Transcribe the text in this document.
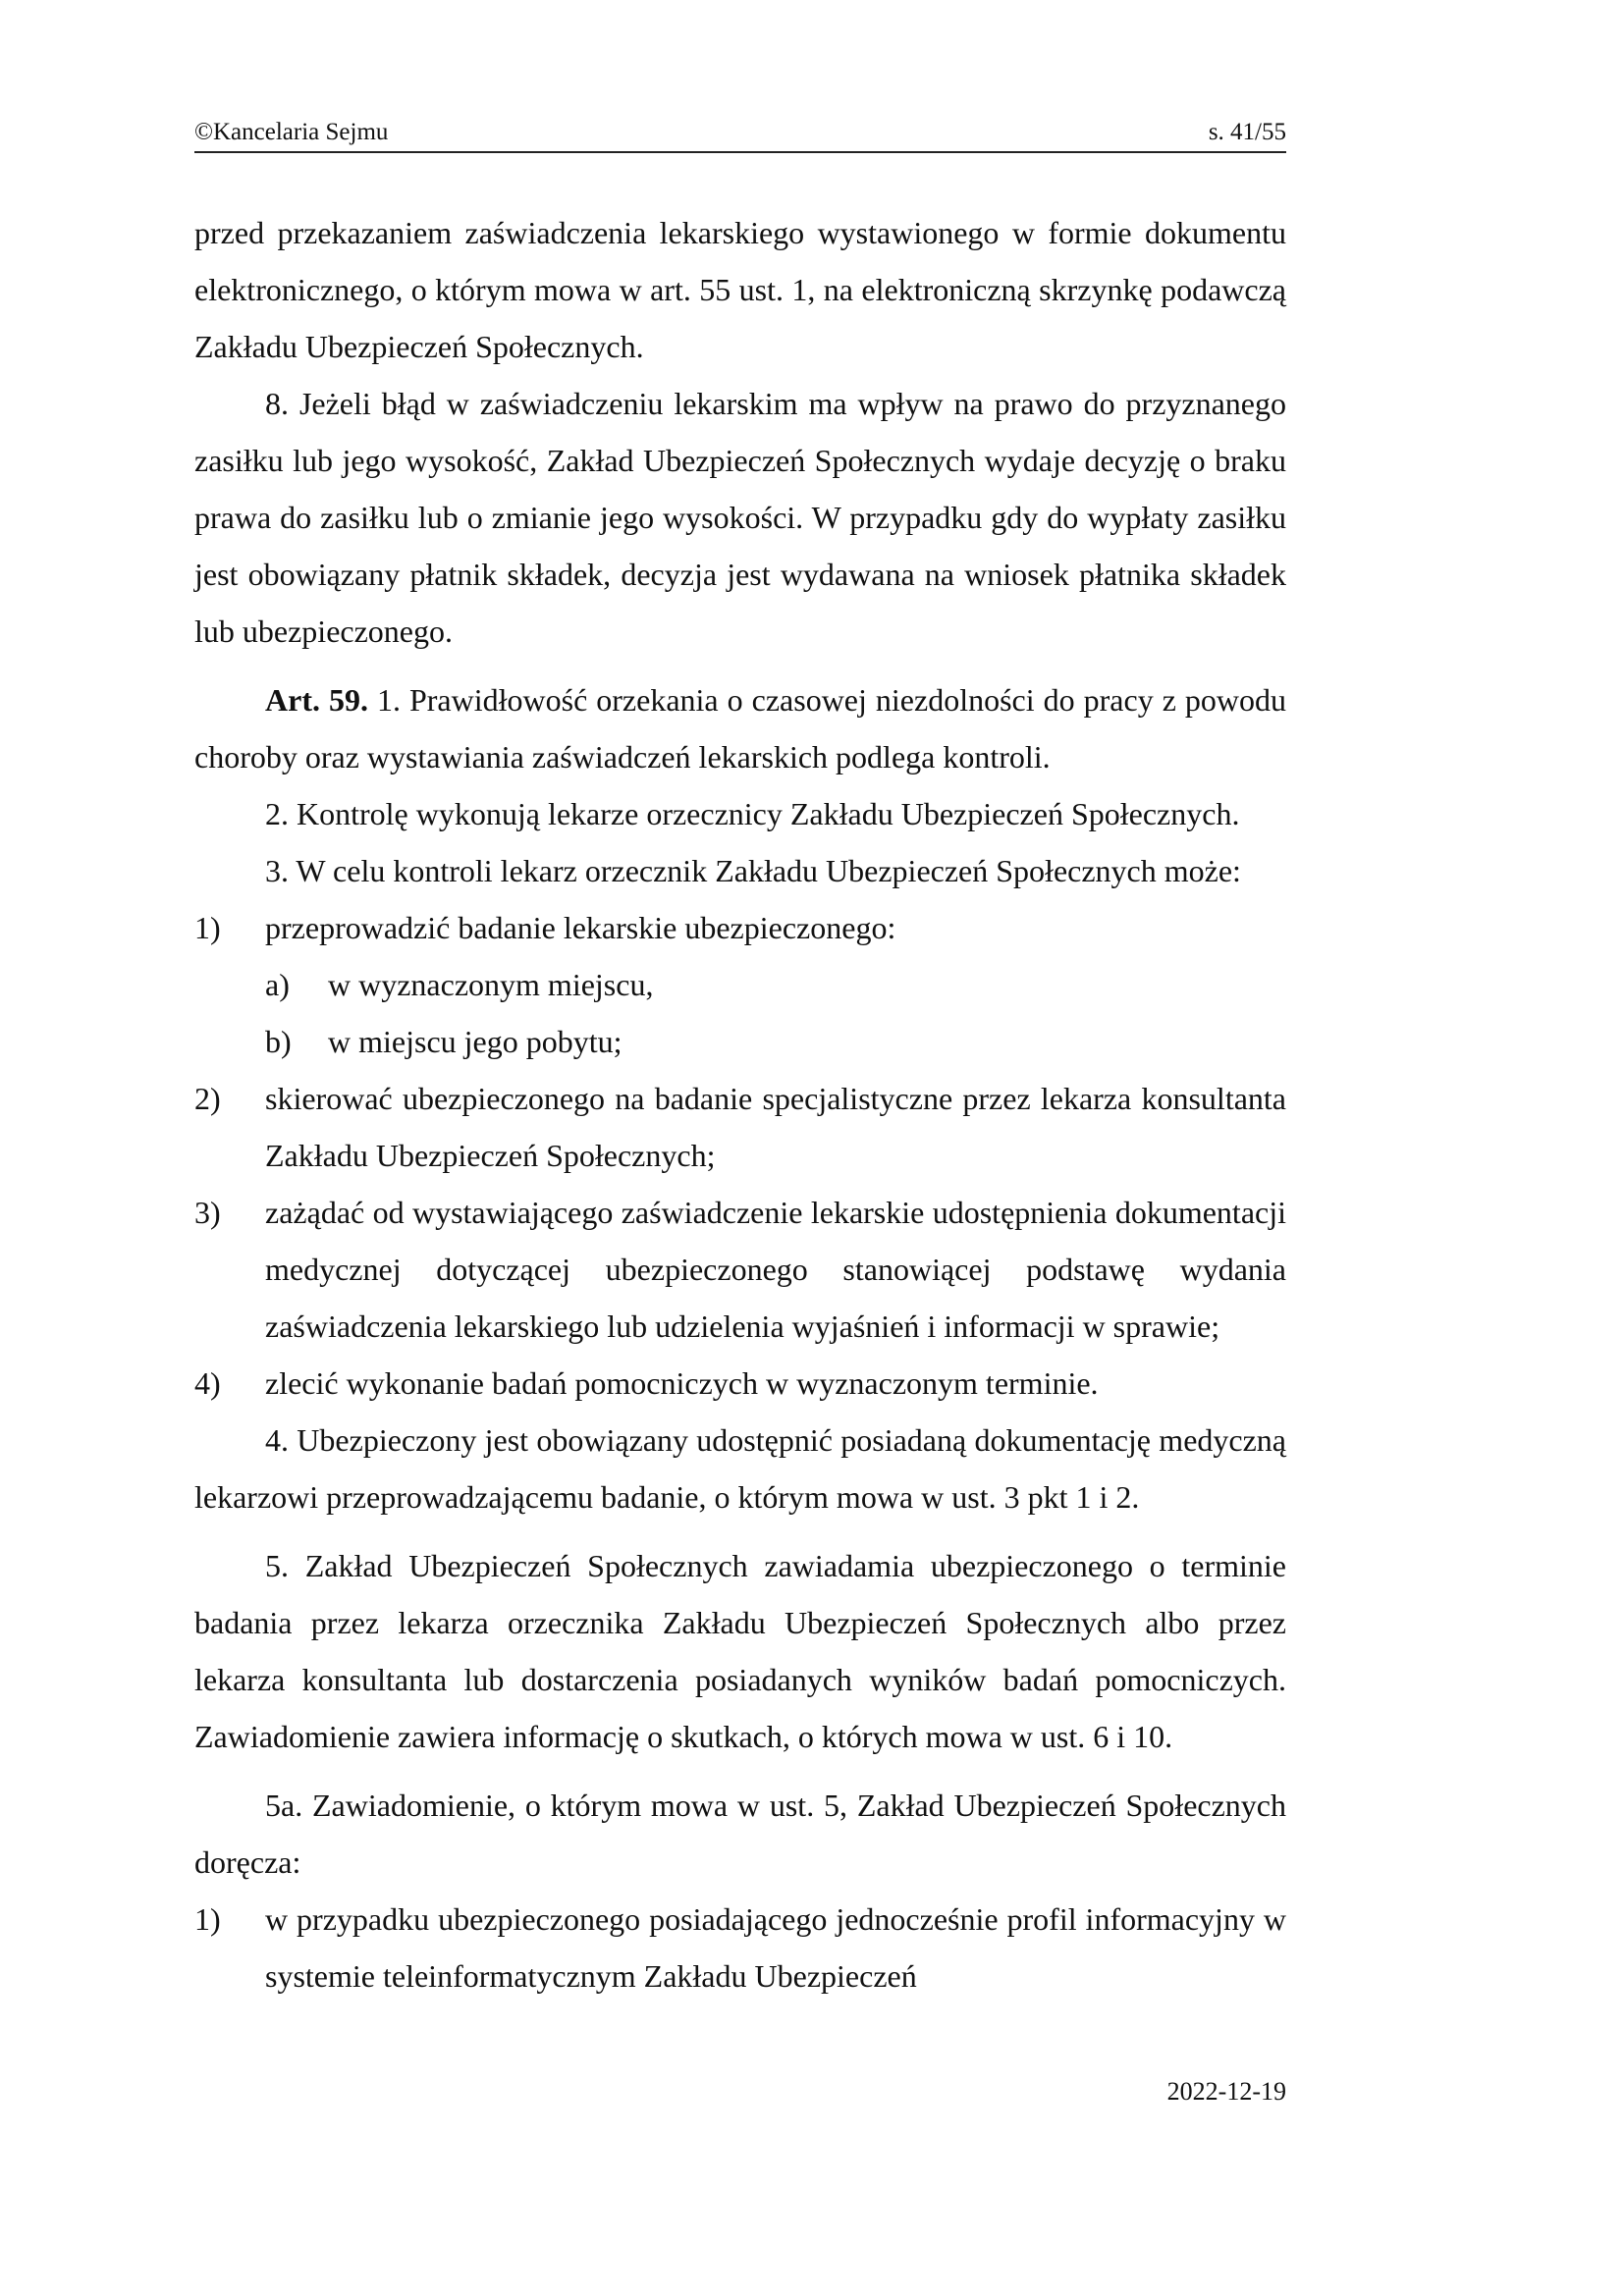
©Kancelaria Sejmu	s. 41/55

przed przekazaniem zaświadczenia lekarskiego wystawionego w formie dokumentu elektronicznego, o którym mowa w art. 55 ust. 1, na elektroniczną skrzynkę podawczą Zakładu Ubezpieczeń Społecznych.

8. Jeżeli błąd w zaświadczeniu lekarskim ma wpływ na prawo do przyznanego zasiłku lub jego wysokość, Zakład Ubezpieczeń Społecznych wydaje decyzję o braku prawa do zasiłku lub o zmianie jego wysokości. W przypadku gdy do wypłaty zasiłku jest obowiązany płatnik składek, decyzja jest wydawana na wniosek płatnika składek lub ubezpieczonego.

Art. 59. 1. Prawidłowość orzekania o czasowej niezdolności do pracy z powodu choroby oraz wystawiania zaświadczeń lekarskich podlega kontroli.

2. Kontrolę wykonują lekarze orzecznicy Zakładu Ubezpieczeń Społecznych.

3. W celu kontroli lekarz orzecznik Zakładu Ubezpieczeń Społecznych może:

1) przeprowadzić badanie lekarskie ubezpieczonego:
a) w wyznaczonym miejscu,
b) w miejscu jego pobytu;
2) skierować ubezpieczonego na badanie specjalistyczne przez lekarza konsultanta Zakładu Ubezpieczeń Społecznych;
3) zażądać od wystawiającego zaświadczenie lekarskie udostępnienia dokumentacji medycznej dotyczącej ubezpieczonego stanowiącej podstawę wydania zaświadczenia lekarskiego lub udzielenia wyjaśnień i informacji w sprawie;
4) zlecić wykonanie badań pomocniczych w wyznaczonym terminie.

4. Ubezpieczony jest obowiązany udostępnić posiadaną dokumentację medyczną lekarzowi przeprowadzającemu badanie, o którym mowa w ust. 3 pkt 1 i 2.

5. Zakład Ubezpieczeń Społecznych zawiadamia ubezpieczonego o terminie badania przez lekarza orzecznika Zakładu Ubezpieczeń Społecznych albo przez lekarza konsultanta lub dostarczenia posiadanych wyników badań pomocniczych. Zawiadomienie zawiera informację o skutkach, o których mowa w ust. 6 i 10.

5a. Zawiadomienie, o którym mowa w ust. 5, Zakład Ubezpieczeń Społecznych doręcza:

1) w przypadku ubezpieczonego posiadającego jednocześnie profil informacyjny w systemie teleinformatycznym Zakładu Ubezpieczeń
2022-12-19
